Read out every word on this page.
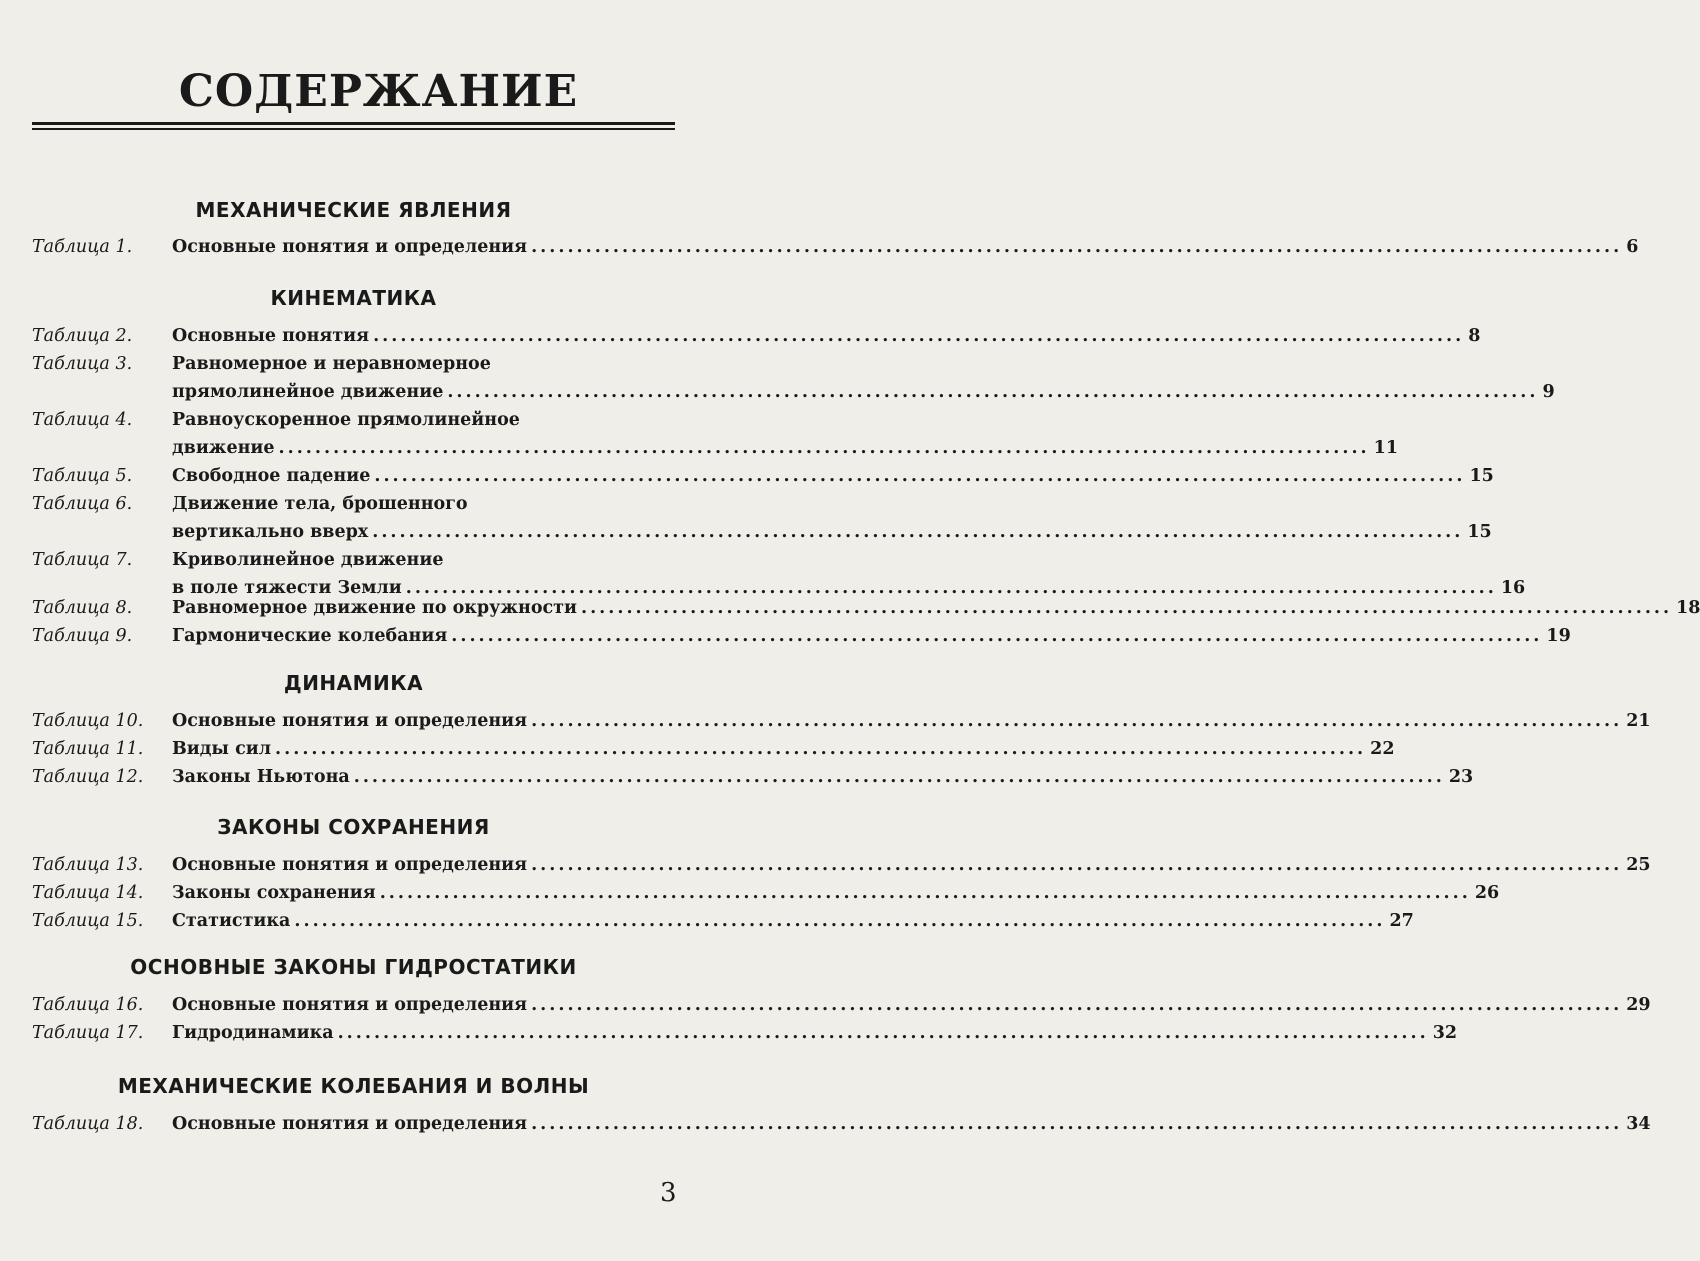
СОДЕРЖАНИЕ
МЕХАНИЧЕСКИЕ ЯВЛЕНИЯ
Таблица 1. Основные понятия и определения ........................................................................................................................ 6
КИНЕМАТИКА
Таблица 2. Основные понятия ........................................................................................................................ 8
Таблица 3. Равномерное и неравномерное
прямолинейное движение ........................................................................................................................ 9
Таблица 4. Равноускоренное прямолинейное
движение ........................................................................................................................ 11
Таблица 5. Свободное падение ........................................................................................................................ 15
Таблица 6. Движение тела, брошенного
вертикально вверх ........................................................................................................................ 15
Таблица 7. Криволинейное движение
в поле тяжести Земли ........................................................................................................................ 16
Таблица 8. Равномерное движение по окружности ........................................................................................................................ 18
Таблица 9. Гармонические колебания ........................................................................................................................ 19
ДИНАМИКА
Таблица 10. Основные понятия и определения ........................................................................................................................ 21
Таблица 11. Виды сил ........................................................................................................................ 22
Таблица 12. Законы Ньютона ........................................................................................................................ 23
ЗАКОНЫ СОХРАНЕНИЯ
Таблица 13. Основные понятия и определения ........................................................................................................................ 25
Таблица 14. Законы сохранения ........................................................................................................................ 26
Таблица 15. Статистика ........................................................................................................................ 27
ОСНОВНЫЕ ЗАКОНЫ ГИДРОСТАТИКИ
Таблица 16. Основные понятия и определения ........................................................................................................................ 29
Таблица 17. Гидродинамика ........................................................................................................................ 32
МЕХАНИЧЕСКИЕ КОЛЕБАНИЯ И ВОЛНЫ
Таблица 18. Основные понятия и определения ........................................................................................................................ 34
3
